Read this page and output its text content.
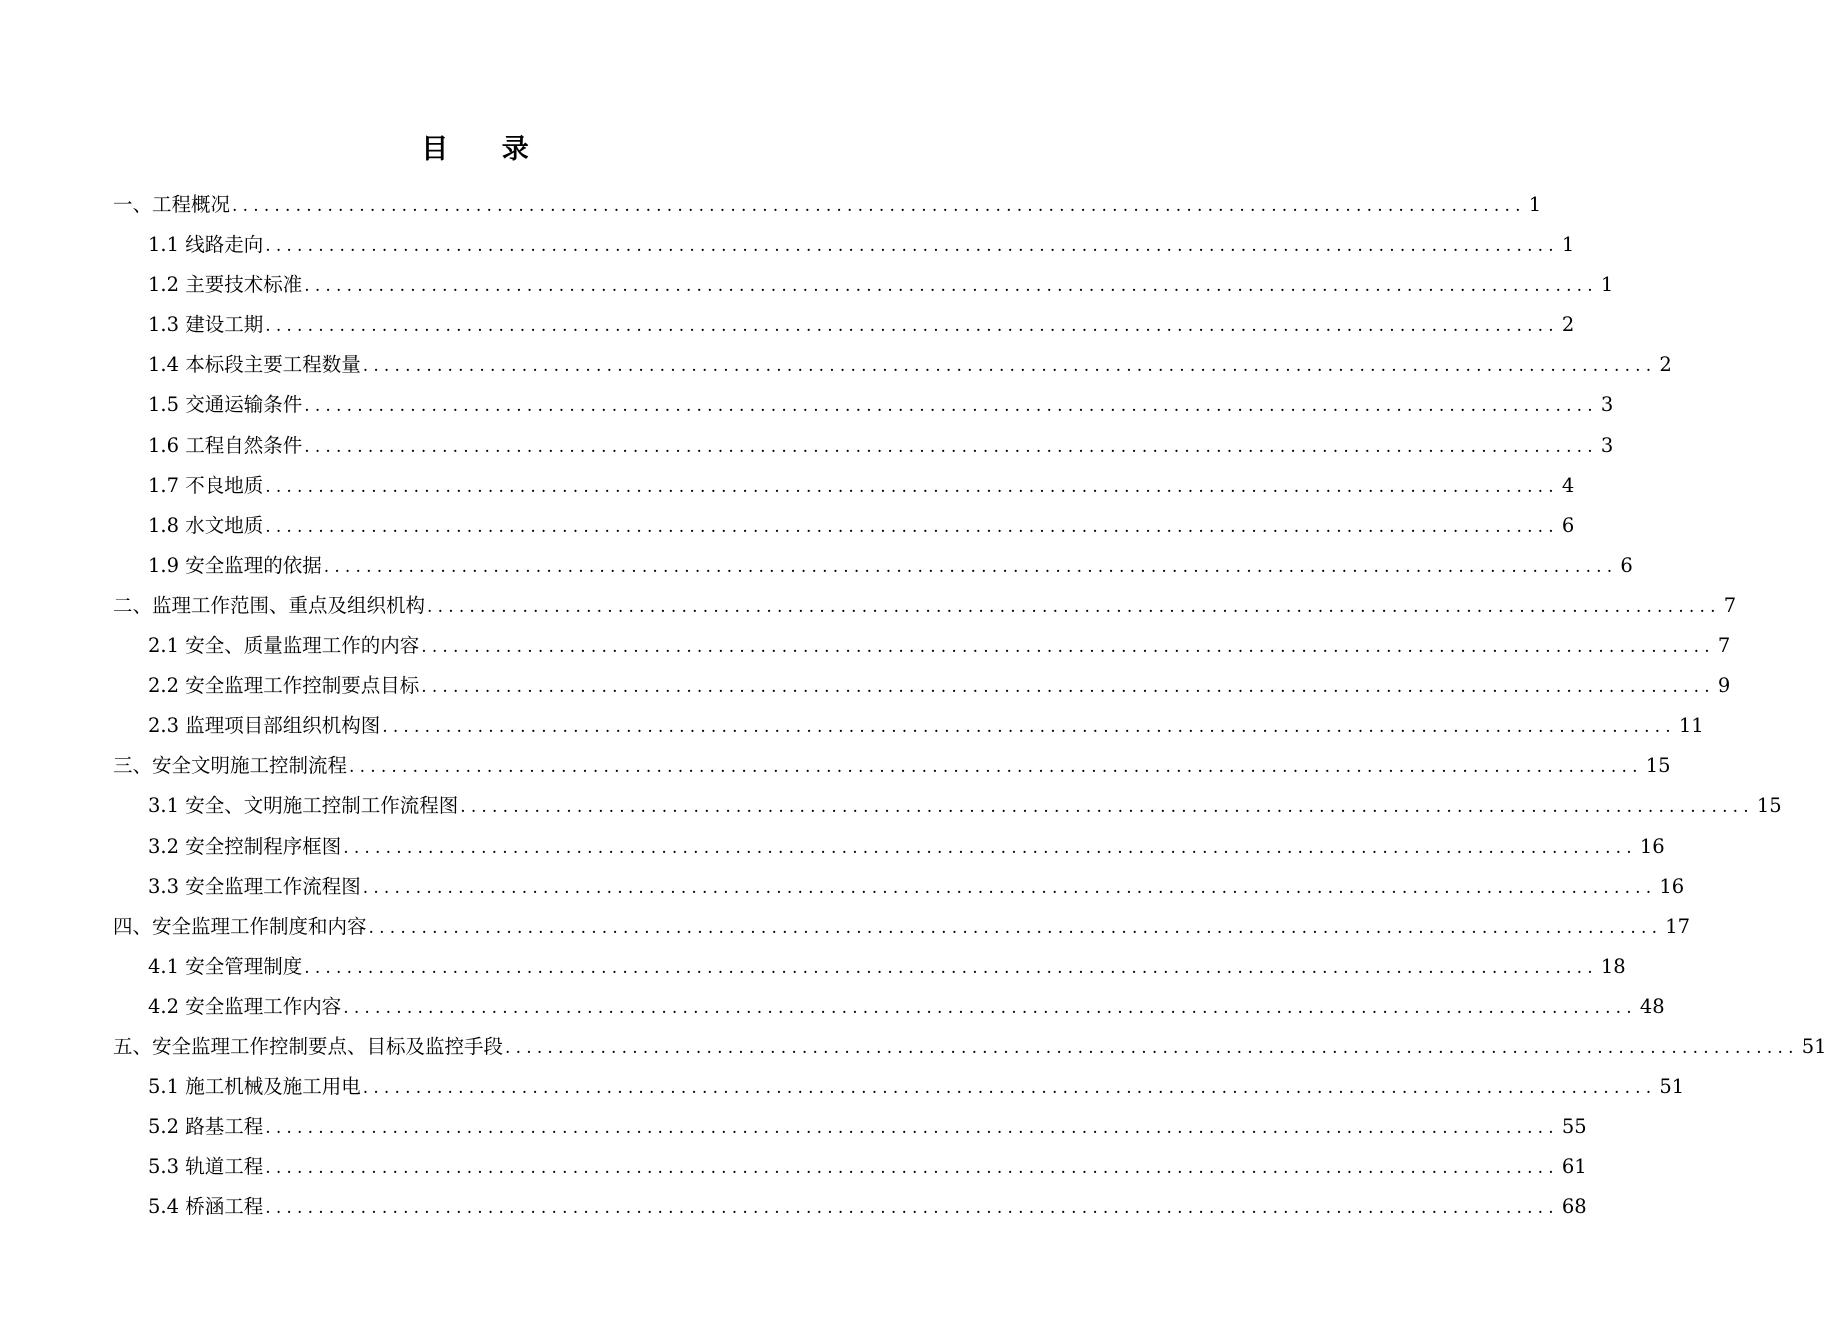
目 录
一、工程概况 .......................................................................................................................... 1
1.1 线路走向 .......................................................................................................................... 1
1.2 主要技术标准 .......................................................................................................................... 1
1.3 建设工期 .......................................................................................................................... 2
1.4 本标段主要工程数量 .......................................................................................................................... 2
1.5 交通运输条件 .......................................................................................................................... 3
1.6 工程自然条件 .......................................................................................................................... 3
1.7 不良地质 .......................................................................................................................... 4
1.8 水文地质 .......................................................................................................................... 6
1.9 安全监理的依据 .......................................................................................................................... 6
二、监理工作范围、重点及组织机构 .......................................................................................................................... 7
2.1 安全、质量监理工作的内容 .......................................................................................................................... 7
2.2 安全监理工作控制要点目标 .......................................................................................................................... 9
2.3 监理项目部组织机构图 .......................................................................................................................... 11
三、安全文明施工控制流程 .......................................................................................................................... 15
3.1 安全、文明施工控制工作流程图 .......................................................................................................................... 15
3.2 安全控制程序框图 .......................................................................................................................... 16
3.3 安全监理工作流程图 .......................................................................................................................... 16
四、安全监理工作制度和内容 .......................................................................................................................... 17
4.1 安全管理制度 .......................................................................................................................... 18
4.2 安全监理工作内容 .......................................................................................................................... 48
五、安全监理工作控制要点、目标及监控手段 .......................................................................................................................... 51
5.1 施工机械及施工用电 .......................................................................................................................... 51
5.2 路基工程 .......................................................................................................................... 55
5.3 轨道工程 .......................................................................................................................... 61
5.4 桥涵工程 .......................................................................................................................... 68
